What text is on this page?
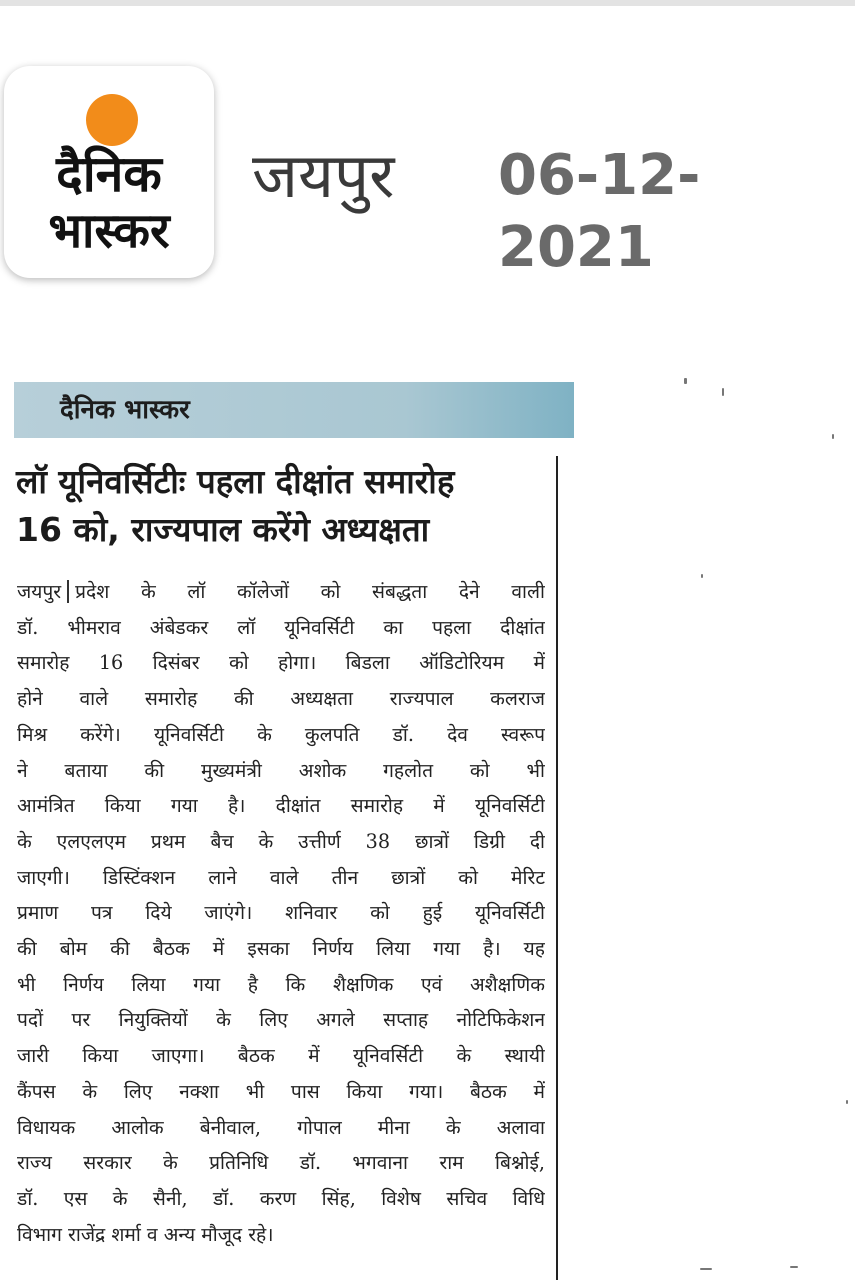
दैनिक
भास्कर
जयपुर 06-12-2021
दैनिक भास्कर
लॉ यूनिवर्सिटीः पहला दीक्षांत समारोह
16 को, राज्यपाल करेंगे अध्यक्षता
जयपुर प्रदेश के लॉ कॉलेजों को संबद्धता देने वाली
डॉ. भीमराव अंबेडकर लॉ यूनिवर्सिटी का पहला दीक्षांत
समारोह 16 दिसंबर को होगा। बिडला ऑडिटोरियम में
होने वाले समारोह की अध्यक्षता राज्यपाल कलराज
मिश्र करेंगे। यूनिवर्सिटी के कुलपति डॉ. देव स्वरूप
ने बताया की मुख्यमंत्री अशोक गहलोत को भी
आमंत्रित किया गया है। दीक्षांत समारोह में यूनिवर्सिटी
के एलएलएम प्रथम बैच के उत्तीर्ण 38 छात्रों डिग्री दी
जाएगी। डिस्टिंक्शन लाने वाले तीन छात्रों को मेरिट
प्रमाण पत्र दिये जाएंगे। शनिवार को हुई यूनिवर्सिटी
की बोम की बैठक में इसका निर्णय लिया गया है। यह
भी निर्णय लिया गया है कि शैक्षणिक एवं अशैक्षणिक
पदों पर नियुक्तियों के लिए अगले सप्ताह नोटिफिकेशन
जारी किया जाएगा। बैठक में यूनिवर्सिटी के स्थायी
कैंपस के लिए नक्शा भी पास किया गया। बैठक में
विधायक आलोक बेनीवाल, गोपाल मीना के अलावा
राज्य सरकार के प्रतिनिधि डॉ. भगवाना राम बिश्नोई,
डॉ. एस के सैनी, डॉ. करण सिंह, विशेष सचिव विधि
विभाग राजेंद्र शर्मा व अन्य मौजूद रहे।
